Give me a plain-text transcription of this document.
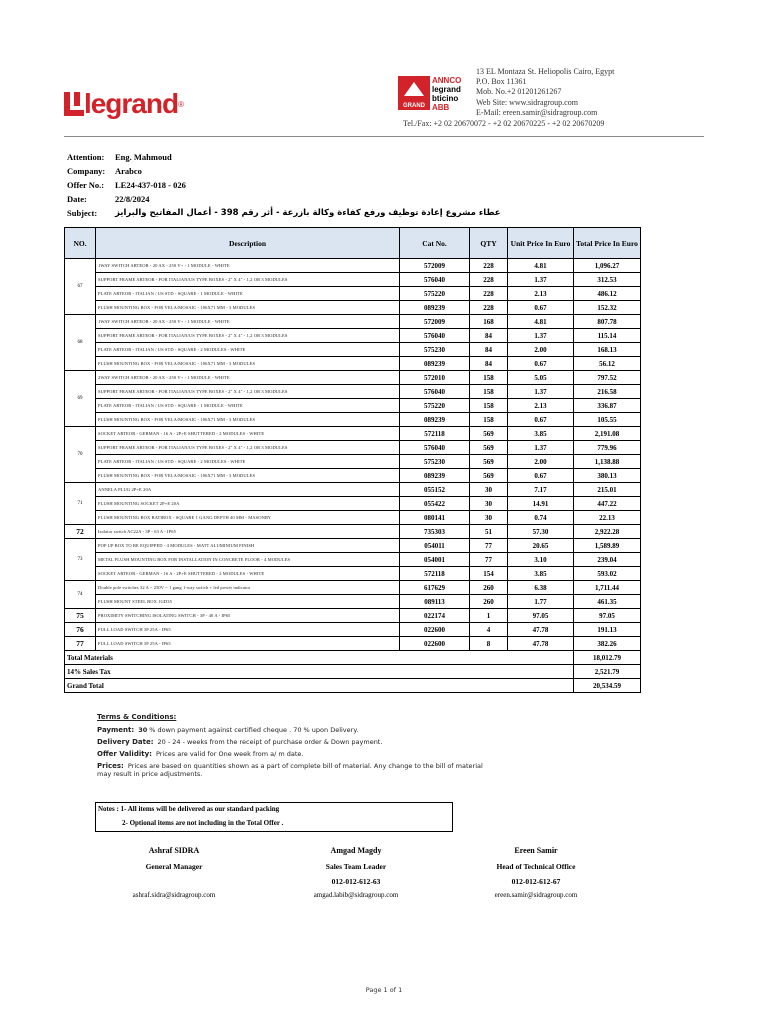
legrand ®	GRAND
ANNCO
legrand
bticino
ABB
13 EL Montaza St. Heliopolis Cairo, Egypt
P.O. Box 11361
Mob. No.+2 01201261267
Web Site: www.sidragroup.com
E-Mail: ereen.samir@sidragroup.com
Tel./Fax: +2 02 20670072 - +2 02 20670225 - +2 02 20670209
Attention:	Eng. Mahmoud
Company:	Arabco
Offer No.:	LE24-437-018 - 026
Date:	22/8/2024
Subject:	عطاء مشروع إعادة توظيف ورفع كفاءة وكالة بازرعة - أثر رقم 398 - أعمال المفاتيح والبرايز
NO.	Description	Cat No.	QTY	Unit Price In Euro	Total Price In Euro
67	1WAY SWITCH ARTEOR - 20 AX - 250 V~ - 1 MODULE - WHITE	572009	228	4.81	1,096.27
	SUPPORT FRAME ARTEOR - FOR ITALIAN/US TYPE BOXES - 2" X 4" - 1,2 OR 3 MODULES	576040	228	1.37	312.53
	PLATE ARTEOR - ITALIAN / US STD - SQUARE - 1 MODULE - WHITE	575220	228	2.13	486.12
	FLUSH MOUNTING BOX - FOR VELA/MOSAIC - 106X71 MM - 3 MODULES	089239	228	0.67	152.32
68	1WAY SWITCH ARTEOR - 20 AX - 250 V~ - 1 MODULE - WHITE	572009	168	4.81	807.78
	SUPPORT FRAME ARTEOR - FOR ITALIAN/US TYPE BOXES - 2" X 4" - 1,2 OR 3 MODULES	576040	84	1.37	115.14
	PLATE ARTEOR - ITALIAN / US STD - SQUARE - 2 MODULES - WHITE	575230	84	2.00	168.13
	FLUSH MOUNTING BOX - FOR VELA/MOSAIC - 106X71 MM - 3 MODULES	089239	84	0.67	56.12
69	2WAY SWITCH ARTEOR - 20 AX - 250 V~ - 1 MODULE - WHITE	572010	158	5.05	797.52
	SUPPORT FRAME ARTEOR - FOR ITALIAN/US TYPE BOXES - 2" X 4" - 1,2 OR 3 MODULES	576040	158	1.37	216.58
	PLATE ARTEOR - ITALIAN / US STD - SQUARE - 1 MODULE - WHITE	575220	158	2.13	336.87
	FLUSH MOUNTING BOX - FOR VELA/MOSAIC - 106X71 MM - 3 MODULES	089239	158	0.67	105.55
70	SOCKET ARTEOR - GERMAN - 16 A - 2P+E SHUTTERED - 2 MODULES - WHITE	572118	569	3.85	2,191.08
	SUPPORT FRAME ARTEOR - FOR ITALIAN/US TYPE BOXES - 2" X 4" - 1,2 OR 3 MODULES	576040	569	1.37	779.96
	PLATE ARTEOR - ITALIAN / US STD - SQUARE - 2 MODULES - WHITE	575230	569	2.00	1,138.88
	FLUSH MOUNTING BOX - FOR VELA/MOSAIC - 106X71 MM - 3 MODULES	089239	569	0.67	380.13
71	ANNELA PLUG 2P+E 20A	055152	30	7.17	215.01
	FLUSH MOUNTING SOCKET 2P+E 20A	055422	30	14.91	447.22
	FLUSH MOUNTING BOX BATIBOX - SQUARE 1 GANG DEPTH 40 MM - MASONRY	080141	30	0.74	22.13
72	Isolator switch AC22A - 3P - 63 A - IP65	735303	51	57.30	2,922.28
73	POP UP BOX TO BE EQUIPPED - 4 MODULES - MATT ALUMINIUM FINISH	054011	77	20.65	1,589.89
	METAL FLUSH MOUNTING BOX FOR INSTALLATION IN CONCRETE FLOOR - 4 MODULES	054001	77	3.10	239.04
	SOCKET ARTEOR - GERMAN - 16 A - 2P+E SHUTTERED - 2 MODULES - WHITE	572118	154	3.85	593.02
74	Double pole switches 32 A ~ 250V ~ 1 gang 1-way switch + led power indicator	617629	260	6.38	1,711.44
	FLUSH MOUNT STEEL BOX 1GD35	089113	260	1.77	461.35
75	PROXIMITY SWITCHING ISOLATING SWITCH - 3P - 40 A - IP65	022174	1	97.05	97.05
76	FULL LOAD SWITCH 3P 25A - IP65	022600	4	47.78	191.13
77	FULL LOAD SWITCH 3P 25A - IP65	022600	8	47.78	382.26
Total Materials					18,012.79
14% Sales Tax					2,521.79
Grand Total					20,534.59
Terms & Conditions:
Payment: 30 % down payment against certified cheque . 70 % upon Delivery.
Delivery Date: 20 - 24 - weeks from the receipt of purchase order & Down payment.
Offer Validity: Prices are valid for One week from a/ m date.
Prices: Prices are based on quantities shown as a part of complete bill of material. Any change to the bill of material
may result in price adjustments.
Notes : 1- All items will be delivered as our standard packing
2- Optional items are not including in the Total Offer .
Ashraf SIDRA
General Manager
ashraf.sidra@sidragroup.com
Amgad Magdy
Sales Team Leader
012-012-612-63
amgad.labib@sidragroup.com
Ereen Samir
Head of Technical Office
012-012-612-67
ereen.samir@sidragroup.com
Page 1 of 1
